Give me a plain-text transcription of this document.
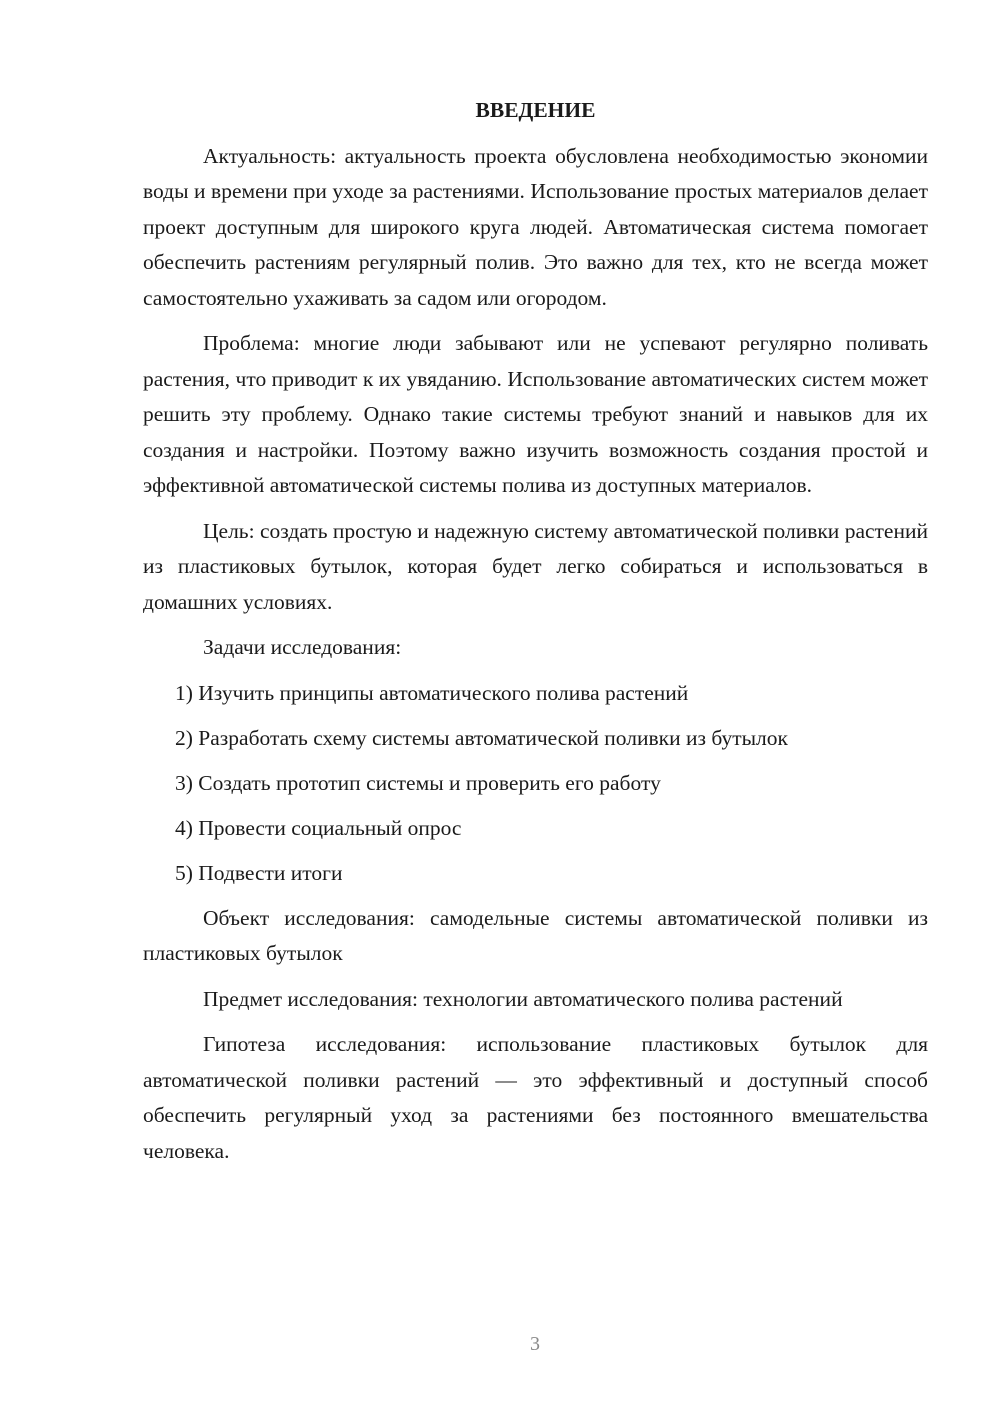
ВВЕДЕНИЕ

Актуальность: актуальность проекта обусловлена необходимостью экономии воды и времени при уходе за растениями. Использование простых материалов делает проект доступным для широкого круга людей. Автоматическая система помогает обеспечить растениям регулярный полив. Это важно для тех, кто не всегда может самостоятельно ухаживать за садом или огородом.

Проблема: многие люди забывают или не успевают регулярно поливать растения, что приводит к их увяданию. Использование автоматических систем может решить эту проблему. Однако такие системы требуют знаний и навыков для их создания и настройки. Поэтому важно изучить возможность создания простой и эффективной автоматической системы полива из доступных материалов.

Цель: создать простую и надежную систему автоматической поливки растений из пластиковых бутылок, которая будет легко собираться и использоваться в домашних условиях.

Задачи исследования:

1) Изучить принципы автоматического полива растений
2) Разработать схему системы автоматической поливки из бутылок
3) Создать прототип системы и проверить его работу
4) Провести социальный опрос
5) Подвести итоги

Объект исследования: самодельные системы автоматической поливки из пластиковых бутылок

Предмет исследования: технологии автоматического полива растений

Гипотеза исследования: использование пластиковых бутылок для автоматической поливки растений — это эффективный и доступный способ обеспечить регулярный уход за растениями без постоянного вмешательства человека.

3
